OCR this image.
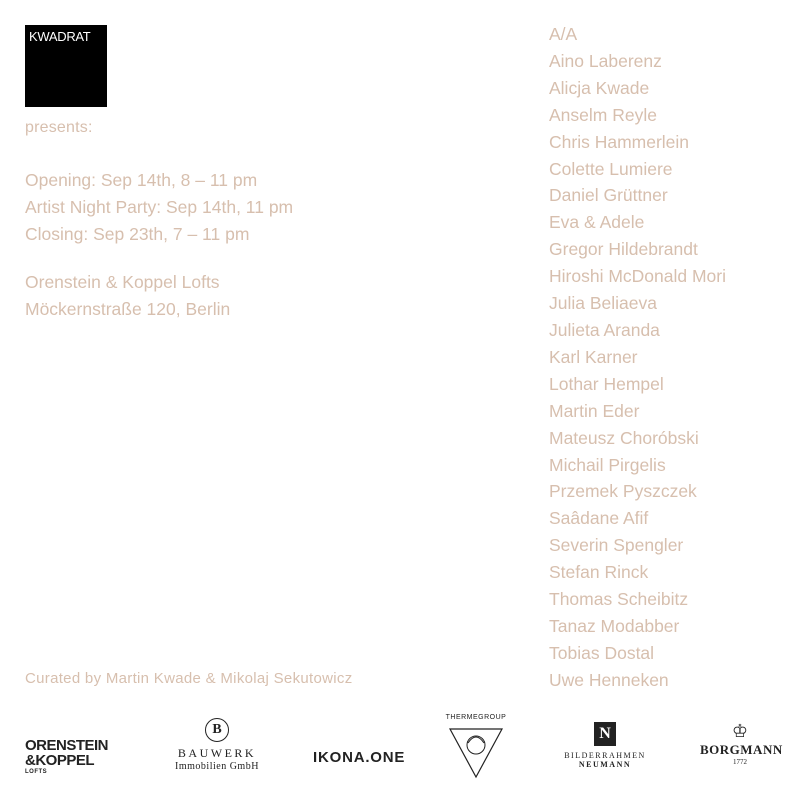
KWADRAT
presents:
Opening: Sep 14th, 8 – 11 pm
Artist Night Party: Sep 14th, 11 pm
Closing: Sep 23th, 7 – 11 pm
Orenstein & Koppel Lofts
Möckernstraße 120, Berlin
A/A
Aino Laberenz
Alicja Kwade
Anselm Reyle
Chris Hammerlein
Colette Lumiere
Daniel Grüttner
Eva & Adele
Gregor Hildebrandt
Hiroshi McDonald Mori
Julia Beliaeva
Julieta Aranda
Karl Karner
Lothar Hempel
Martin Eder
Mateusz Choróbski
Michail Pirgelis
Przemek Pyszczek
Saâdane Afif
Severin Spengler
Stefan Rinck
Thomas Scheibitz
Tanaz Modabber
Tobias Dostal
Uwe Henneken
Curated by Martin Kwade & Mikolaj Sekutowicz
ORENSTEIN
&KOPPEL
LOFTS
B
BAUWERK
Immobilien GmbH
IKONA.ONE
THERMEGROUP
N
BILDERRAHMEN
NEUMANN
♔
BORGMANN
1772
